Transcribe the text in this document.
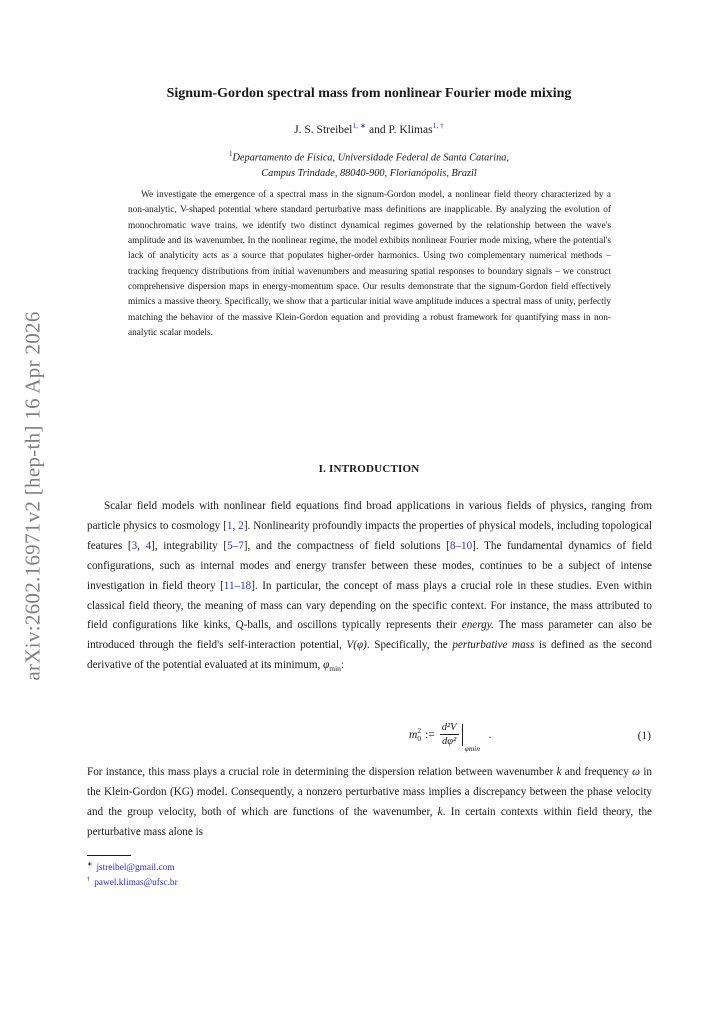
arXiv:2602.16971v2 [hep-th] 16 Apr 2026
Signum-Gordon spectral mass from nonlinear Fourier mode mixing
J. S. Streibel$^{1, ∗}$ and P. Klimas$^{1, \dagger}$
$^1$Departamento de Física, Universidade Federal de Santa Catarina,
Campus Trindade, 88040-900, Florianópolis, Brazil
We investigate the emergence of a spectral mass in the signum-Gordon model, a nonlinear field theory characterized by a non-analytic, V-shaped potential where standard perturbative mass definitions are inapplicable. By analyzing the evolution of monochromatic wave trains, we identify two distinct dynamical regimes governed by the relationship between the wave's amplitude and its wavenumber. In the nonlinear regime, the model exhibits nonlinear Fourier mode mixing, where the potential's lack of analyticity acts as a source that populates higher-order harmonics. Using two complementary numerical methods – tracking frequency distributions from initial wavenumbers and measuring spatial responses to boundary signals – we construct comprehensive dispersion maps in energy-momentum space. Our results demonstrate that the signum-Gordon field effectively mimics a massive theory. Specifically, we show that a particular initial wave amplitude induces a spectral mass of unity, perfectly matching the behavior of the massive Klein-Gordon equation and providing a robust framework for quantifying mass in non-analytic scalar models.
I. INTRODUCTION
Scalar field models with nonlinear field equations find broad applications in various fields of physics, ranging from particle physics to cosmology [1, 2]. Nonlinearity profoundly impacts the properties of physical models, including topological features [3, 4], integrability [5–7], and the compactness of field solutions [8–10]. The fundamental dynamics of field configurations, such as internal modes and energy transfer between these modes, continues to be a subject of intense investigation in field theory [11–18]. In particular, the concept of mass plays a crucial role in these studies. Even within classical field theory, the meaning of mass can vary depending on the specific context. For instance, the mass attributed to field configurations like kinks, Q-balls, and oscillons typically represents their energy. The mass parameter can also be introduced through the field's self-interaction potential, V(φ). Specifically, the perturbative mass is defined as the second derivative of the potential evaluated at its minimum, $\varphi_{min}$:
m 2
0 := $\frac{\text{d²V}}{\text{dφ²}}$ φmin
.	(1)
For instance, this mass plays a crucial role in determining the dispersion relation between wavenumber k and frequency ω in the Klein-Gordon (KG) model. Consequently, a nonzero perturbative mass implies a discrepancy between the phase velocity and the group velocity, both of which are functions of the wavenumber, k. In certain contexts within field theory, the perturbative mass alone is
∗ jstreibel@gmail.com
† pawel.klimas@ufsc.br
